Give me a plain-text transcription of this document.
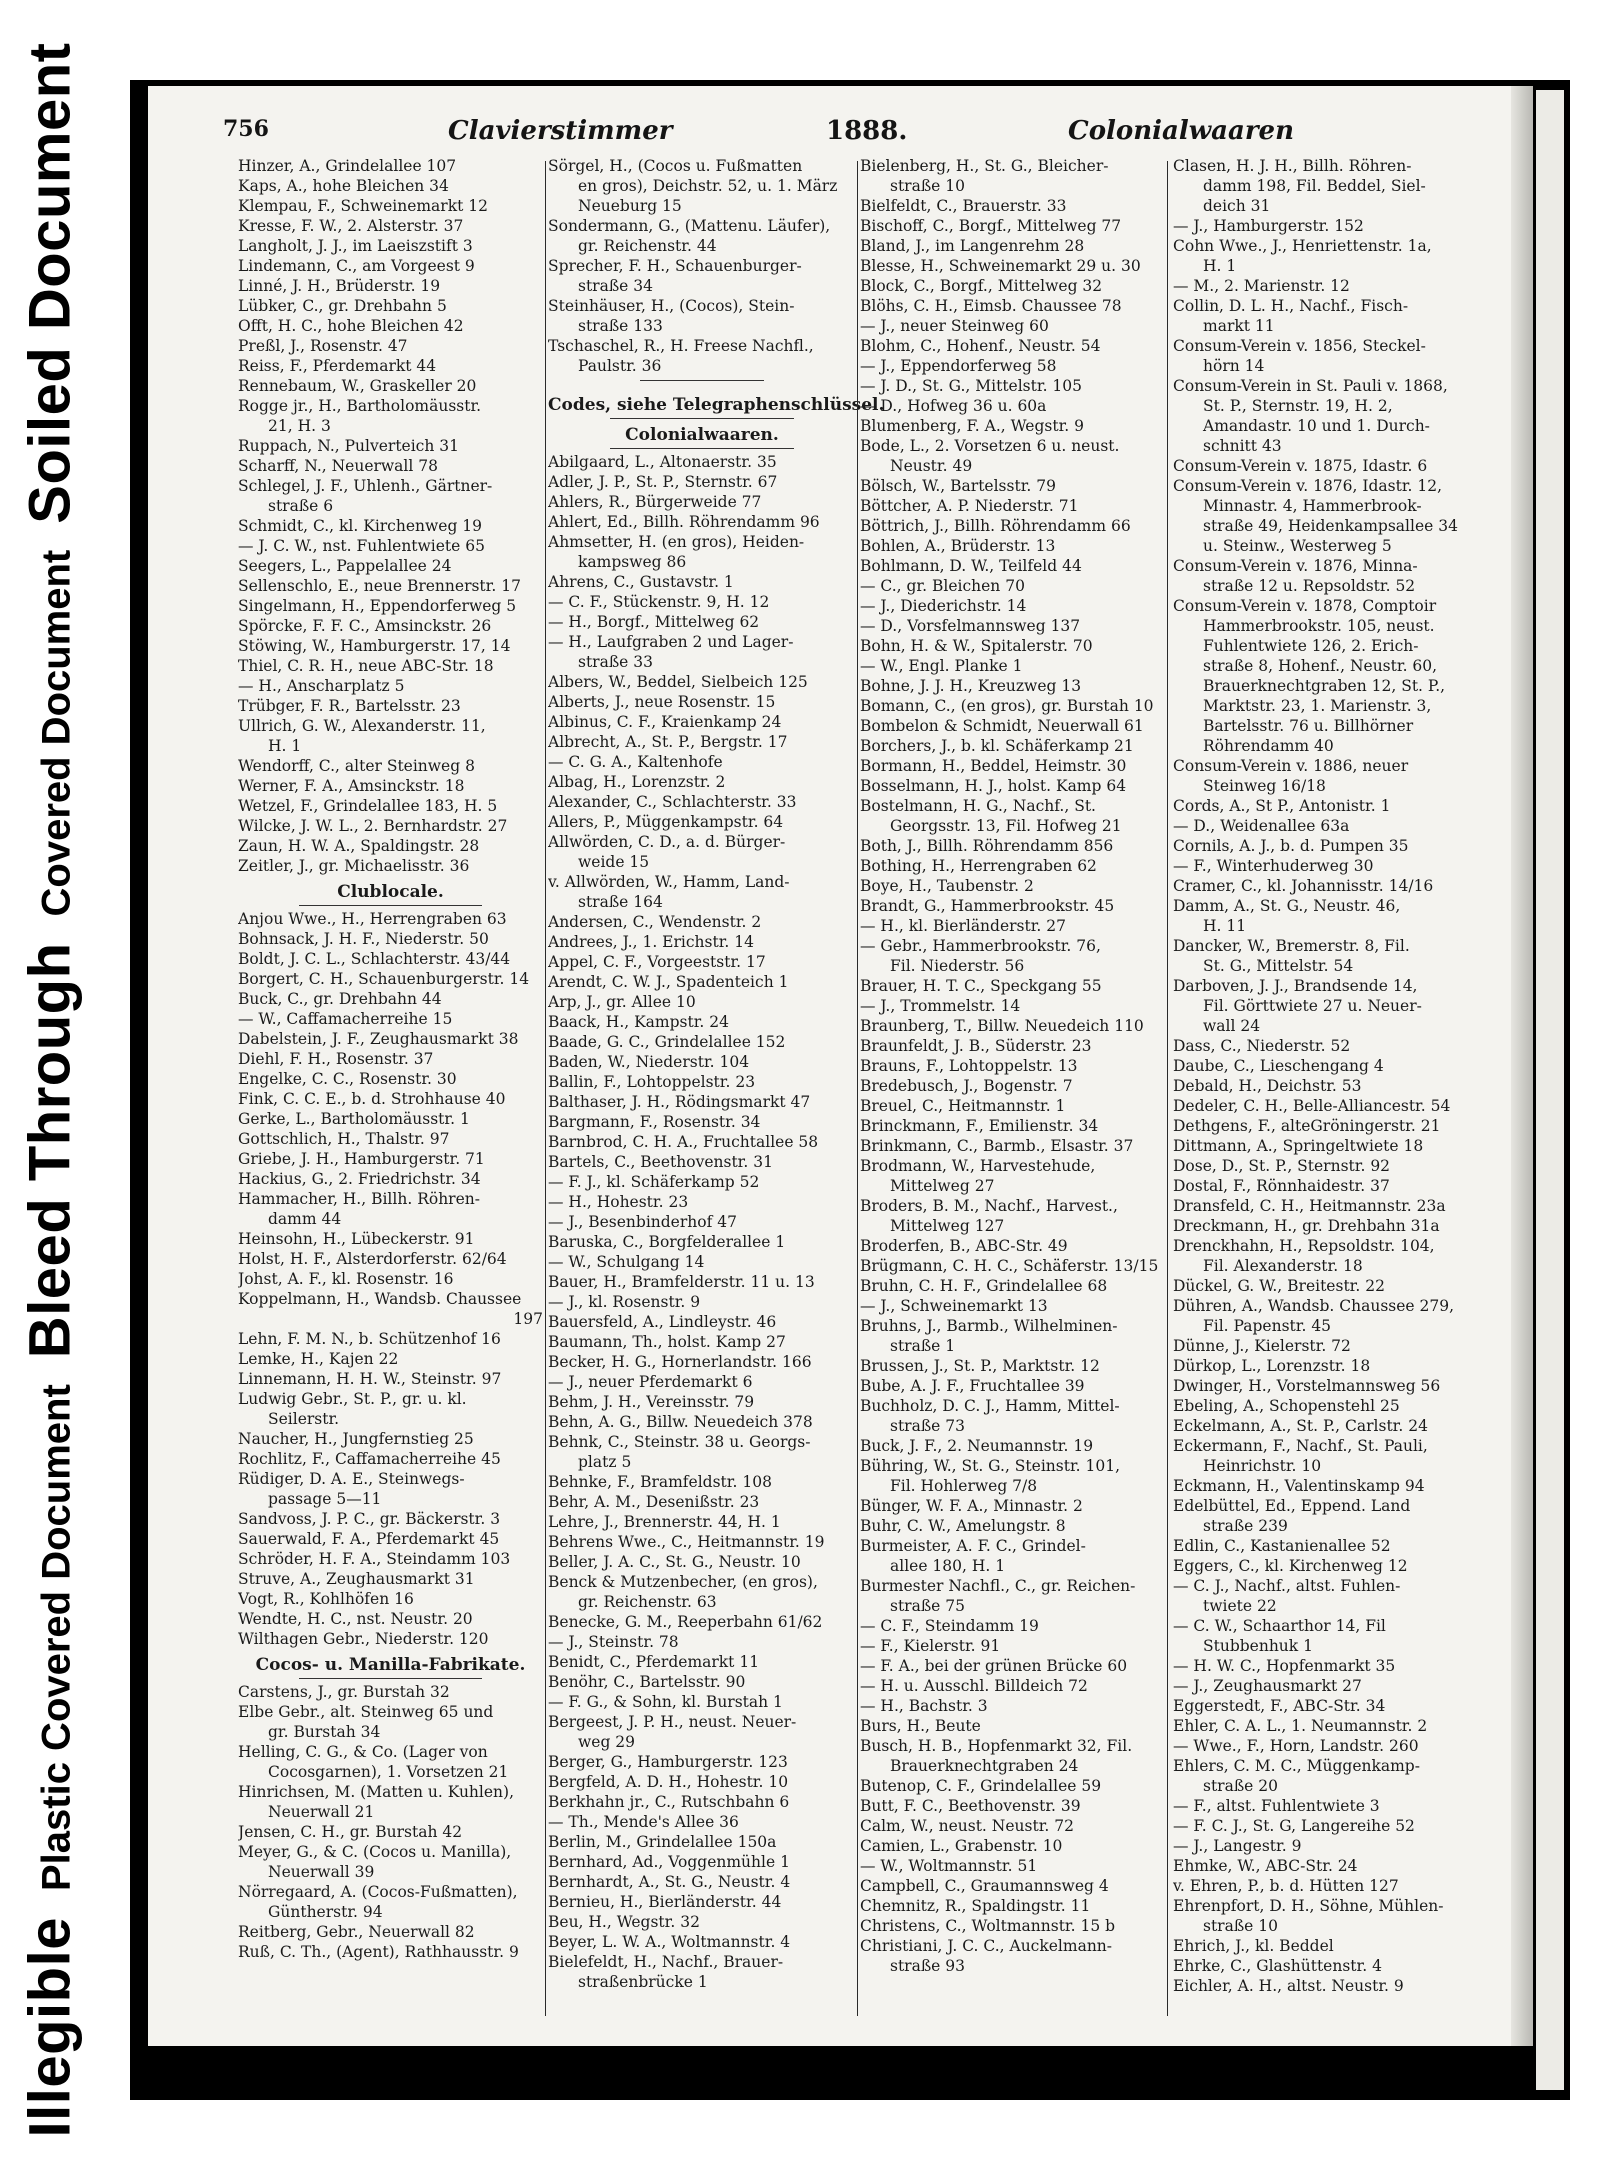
Illegible
Plastic Covered Document
Bleed Through
Covered Document
Soiled Document	756	Clavierstimmer	1888.	Colonialwaaren
Hinzer, A., Grindelallee 107
Kaps, A., hohe Bleichen 34
Klempau, F., Schweinemarkt 12
Kresse, F. W., 2. Alsterstr. 37
Langholt, J. J., im Laeiszstift 3
Lindemann, C., am Vorgeest 9
Linné, J. H., Brüderstr. 19
Lübker, C., gr. Drehbahn 5
Offt, H. C., hohe Bleichen 42
Preßl, J., Rosenstr. 47
Reiss, F., Pferdemarkt 44
Rennebaum, W., Graskeller 20
Rogge jr., H., Bartholomäusstr.
21, H. 3
Ruppach, N., Pulverteich 31
Scharff, N., Neuerwall 78
Schlegel, J. F., Uhlenh., Gärtner-
straße 6
Schmidt, C., kl. Kirchenweg 19
— J. C. W., nst. Fuhlentwiete 65
Seegers, L., Pappelallee 24
Sellenschlo, E., neue Brennerstr. 17
Singelmann, H., Eppendorferweg 5
Spörcke, F. F. C., Amsinckstr. 26
Stöwing, W., Hamburgerstr. 17, 14
Thiel, C. R. H., neue ABC-Str. 18
— H., Anscharplatz 5
Trübger, F. R., Bartelsstr. 23
Ullrich, G. W., Alexanderstr. 11,
H. 1
Wendorff, C., alter Steinweg 8
Werner, F. A., Amsinckstr. 18
Wetzel, F., Grindelallee 183, H. 5
Wilcke, J. W. L., 2. Bernhardstr. 27
Zaun, H. W. A., Spaldingstr. 28
Zeitler, J., gr. Michaelisstr. 36
Clublocale.
Anjou Wwe., H., Herrengraben 63
Bohnsack, J. H. F., Niederstr. 50
Boldt, J. C. L., Schlachterstr. 43/44
Borgert, C. H., Schauenburgerstr. 14
Buck, C., gr. Drehbahn 44
— W., Caffamacherreihe 15
Dabelstein, J. F., Zeughausmarkt 38
Diehl, F. H., Rosenstr. 37
Engelke, C. C., Rosenstr. 30
Fink, C. C. E., b. d. Strohhause 40
Gerke, L., Bartholomäusstr. 1
Gottschlich, H., Thalstr. 97
Griebe, J. H., Hamburgerstr. 71
Hackius, G., 2. Friedrichstr. 34
Hammacher, H., Billh. Röhren-
damm 44
Heinsohn, H., Lübeckerstr. 91
Holst, H. F., Alsterdorferstr. 62/64
Johst, A. F., kl. Rosenstr. 16
Koppelmann, H., Wandsb. Chaussee
197
Lehn, F. M. N., b. Schützenhof 16
Lemke, H., Kajen 22
Linnemann, H. H. W., Steinstr. 97
Ludwig Gebr., St. P., gr. u. kl.
Seilerstr.
Naucher, H., Jungfernstieg 25
Rochlitz, F., Caffamacherreihe 45
Rüdiger, D. A. E., Steinwegs-
passage 5—11
Sandvoss, J. P. C., gr. Bäckerstr. 3
Sauerwald, F. A., Pferdemarkt 45
Schröder, H. F. A., Steindamm 103
Struve, A., Zeughausmarkt 31
Vogt, R., Kohlhöfen 16
Wendte, H. C., nst. Neustr. 20
Wilthagen Gebr., Niederstr. 120
Cocos- u. Manilla-Fabrikate.
Carstens, J., gr. Burstah 32
Elbe Gebr., alt. Steinweg 65 und
gr. Burstah 34
Helling, C. G., & Co. (Lager von
Cocosgarnen), 1. Vorsetzen 21
Hinrichsen, M. (Matten u. Kuhlen),
Neuerwall 21
Jensen, C. H., gr. Burstah 42
Meyer, G., & C. (Cocos u. Manilla),
Neuerwall 39
Nörregaard, A. (Cocos-Fußmatten),
Güntherstr. 94
Reitberg, Gebr., Neuerwall 82
Ruß, C. Th., (Agent), Rathhausstr. 9
Sörgel, H., (Cocos u. Fußmatten
en gros), Deichstr. 52, u. 1. März
Neueburg 15
Sondermann, G., (Mattenu. Läufer),
gr. Reichenstr. 44
Sprecher, F. H., Schauenburger-
straße 34
Steinhäuser, H., (Cocos), Stein-
straße 133
Tschaschel, R., H. Freese Nachfl.,
Paulstr. 36
Codes, siehe Telegraphenschlüssel.
Colonialwaaren.
Abilgaard, L., Altonaerstr. 35
Adler, J. P., St. P., Sternstr. 67
Ahlers, R., Bürgerweide 77
Ahlert, Ed., Billh. Röhrendamm 96
Ahmsetter, H. (en gros), Heiden-
kampsweg 86
Ahrens, C., Gustavstr. 1
— C. F., Stückenstr. 9, H. 12
— H., Borgf., Mittelweg 62
— H., Laufgraben 2 und Lager-
straße 33
Albers, W., Beddel, Sielbeich 125
Alberts, J., neue Rosenstr. 15
Albinus, C. F., Kraienkamp 24
Albrecht, A., St. P., Bergstr. 17
— C. G. A., Kaltenhofe
Albag, H., Lorenzstr. 2
Alexander, C., Schlachterstr. 33
Allers, P., Müggenkampstr. 64
Allwörden, C. D., a. d. Bürger-
weide 15
v. Allwörden, W., Hamm, Land-
straße 164
Andersen, C., Wendenstr. 2
Andrees, J., 1. Erichstr. 14
Appel, C. F., Vorgeeststr. 17
Arendt, C. W. J., Spadenteich 1
Arp, J., gr. Allee 10
Baack, H., Kampstr. 24
Baade, G. C., Grindelallee 152
Baden, W., Niederstr. 104
Ballin, F., Lohtoppelstr. 23
Balthaser, J. H., Rödingsmarkt 47
Bargmann, F., Rosenstr. 34
Barnbrod, C. H. A., Fruchtallee 58
Bartels, C., Beethovenstr. 31
— F. J., kl. Schäferkamp 52
— H., Hohestr. 23
— J., Besenbinderhof 47
Baruska, C., Borgfelderallee 1
— W., Schulgang 14
Bauer, H., Bramfelderstr. 11 u. 13
— J., kl. Rosenstr. 9
Bauersfeld, A., Lindleystr. 46
Baumann, Th., holst. Kamp 27
Becker, H. G., Hornerlandstr. 166
— J., neuer Pferdemarkt 6
Behm, J. H., Vereinsstr. 79
Behn, A. G., Billw. Neuedeich 378
Behnk, C., Steinstr. 38 u. Georgs-
platz 5
Behnke, F., Bramfeldstr. 108
Behr, A. M., Desenißstr. 23
Lehre, J., Brennerstr. 44, H. 1
Behrens Wwe., C., Heitmannstr. 19
Beller, J. A. C., St. G., Neustr. 10
Benck & Mutzenbecher, (en gros),
gr. Reichenstr. 63
Benecke, G. M., Reeperbahn 61/62
— J., Steinstr. 78
Benidt, C., Pferdemarkt 11
Benöhr, C., Bartelsstr. 90
— F. G., & Sohn, kl. Burstah 1
Bergeest, J. P. H., neust. Neuer-
weg 29
Berger, G., Hamburgerstr. 123
Bergfeld, A. D. H., Hohestr. 10
Berkhahn jr., C., Rutschbahn 6
— Th., Mende's Allee 36
Berlin, M., Grindelallee 150a
Bernhard, Ad., Voggenmühle 1
Bernhardt, A., St. G., Neustr. 4
Bernieu, H., Bierländerstr. 44
Beu, H., Wegstr. 32
Beyer, L. W. A., Woltmannstr. 4
Bielefeldt, H., Nachf., Brauer-
straßenbrücke 1
Bielenberg, H., St. G., Bleicher-
straße 10
Bielfeldt, C., Brauerstr. 33
Bischoff, C., Borgf., Mittelweg 77
Bland, J., im Langenrehm 28
Blesse, H., Schweinemarkt 29 u. 30
Block, C., Borgf., Mittelweg 32
Blöhs, C. H., Eimsb. Chaussee 78
— J., neuer Steinweg 60
Blohm, C., Hohenf., Neustr. 54
— J., Eppendorferweg 58
— J. D., St. G., Mittelstr. 105
— D., Hofweg 36 u. 60a
Blumenberg, F. A., Wegstr. 9
Bode, L., 2. Vorsetzen 6 u. neust.
Neustr. 49
Bölsch, W., Bartelsstr. 79
Böttcher, A. P. Niederstr. 71
Böttrich, J., Billh. Röhrendamm 66
Bohlen, A., Brüderstr. 13
Bohlmann, D. W., Teilfeld 44
— C., gr. Bleichen 70
— J., Diederichstr. 14
— D., Vorsfelmannsweg 137
Bohn, H. & W., Spitalerstr. 70
— W., Engl. Planke 1
Bohne, J. J. H., Kreuzweg 13
Bomann, C., (en gros), gr. Burstah 10
Bombelon & Schmidt, Neuerwall 61
Borchers, J., b. kl. Schäferkamp 21
Bormann, H., Beddel, Heimstr. 30
Bosselmann, H. J., holst. Kamp 64
Bostelmann, H. G., Nachf., St.
Georgsstr. 13, Fil. Hofweg 21
Both, J., Billh. Röhrendamm 856
Bothing, H., Herrengraben 62
Boye, H., Taubenstr. 2
Brandt, G., Hammerbrookstr. 45
— H., kl. Bierländerstr. 27
— Gebr., Hammerbrookstr. 76,
Fil. Niederstr. 56
Brauer, H. T. C., Speckgang 55
— J., Trommelstr. 14
Braunberg, T., Billw. Neuedeich 110
Braunfeldt, J. B., Süderstr. 23
Brauns, F., Lohtoppelstr. 13
Bredebusch, J., Bogenstr. 7
Breuel, C., Heitmannstr. 1
Brinckmann, F., Emilienstr. 34
Brinkmann, C., Barmb., Elsastr. 37
Brodmann, W., Harvestehude,
Mittelweg 27
Broders, B. M., Nachf., Harvest.,
Mittelweg 127
Broderfen, B., ABC-Str. 49
Brügmann, C. H. C., Schäferstr. 13/15
Bruhn, C. H. F., Grindelallee 68
— J., Schweinemarkt 13
Bruhns, J., Barmb., Wilhelminen-
straße 1
Brussen, J., St. P., Marktstr. 12
Bube, A. J. F., Fruchtallee 39
Buchholz, D. C. J., Hamm, Mittel-
straße 73
Buck, J. F., 2. Neumannstr. 19
Bühring, W., St. G., Steinstr. 101,
Fil. Hohlerweg 7/8
Bünger, W. F. A., Minnastr. 2
Buhr, C. W., Amelungstr. 8
Burmeister, A. F. C., Grindel-
allee 180, H. 1
Burmester Nachfl., C., gr. Reichen-
straße 75
— C. F., Steindamm 19
— F., Kielerstr. 91
— F. A., bei der grünen Brücke 60
— H. u. Ausschl. Billdeich 72
— H., Bachstr. 3
Burs, H., Beute
Busch, H. B., Hopfenmarkt 32, Fil.
Brauerknechtgraben 24
Butenop, C. F., Grindelallee 59
Butt, F. C., Beethovenstr. 39
Calm, W., neust. Neustr. 72
Camien, L., Grabenstr. 10
— W., Woltmannstr. 51
Campbell, C., Graumannsweg 4
Chemnitz, R., Spaldingstr. 11
Christens, C., Woltmannstr. 15 b
Christiani, J. C. C., Auckelmann-
straße 93
Clasen, H. J. H., Billh. Röhren-
damm 198, Fil. Beddel, Siel-
deich 31
— J., Hamburgerstr. 152
Cohn Wwe., J., Henriettenstr. 1a,
H. 1
— M., 2. Marienstr. 12
Collin, D. L. H., Nachf., Fisch-
markt 11
Consum-Verein v. 1856, Steckel-
hörn 14
Consum-Verein in St. Pauli v. 1868,
St. P., Sternstr. 19, H. 2,
Amandastr. 10 und 1. Durch-
schnitt 43
Consum-Verein v. 1875, Idastr. 6
Consum-Verein v. 1876, Idastr. 12,
Minnastr. 4, Hammerbrook-
straße 49, Heidenkampsallee 34
u. Steinw., Westerweg 5
Consum-Verein v. 1876, Minna-
straße 12 u. Repsoldstr. 52
Consum-Verein v. 1878, Comptoir
Hammerbrookstr. 105, neust.
Fuhlentwiete 126, 2. Erich-
straße 8, Hohenf., Neustr. 60,
Brauerknechtgraben 12, St. P.,
Marktstr. 23, 1. Marienstr. 3,
Bartelsstr. 76 u. Billhörner
Röhrendamm 40
Consum-Verein v. 1886, neuer
Steinweg 16/18
Cords, A., St P., Antonistr. 1
— D., Weidenallee 63a
Cornils, A. J., b. d. Pumpen 35
— F., Winterhuderweg 30
Cramer, C., kl. Johannisstr. 14/16
Damm, A., St. G., Neustr. 46,
H. 11
Dancker, W., Bremerstr. 8, Fil.
St. G., Mittelstr. 54
Darboven, J. J., Brandsende 14,
Fil. Görttwiete 27 u. Neuer-
wall 24
Dass, C., Niederstr. 52
Daube, C., Lieschengang 4
Debald, H., Deichstr. 53
Dedeler, C. H., Belle-Alliancestr. 54
Dethgens, F., alteGröningerstr. 21
Dittmann, A., Springeltwiete 18
Dose, D., St. P., Sternstr. 92
Dostal, F., Rönnhaidestr. 37
Dransfeld, C. H., Heitmannstr. 23a
Dreckmann, H., gr. Drehbahn 31a
Drenckhahn, H., Repsoldstr. 104,
Fil. Alexanderstr. 18
Dückel, G. W., Breitestr. 22
Dühren, A., Wandsb. Chaussee 279,
Fil. Papenstr. 45
Dünne, J., Kielerstr. 72
Dürkop, L., Lorenzstr. 18
Dwinger, H., Vorstelmannsweg 56
Ebeling, A., Schopenstehl 25
Eckelmann, A., St. P., Carlstr. 24
Eckermann, F., Nachf., St. Pauli,
Heinrichstr. 10
Eckmann, H., Valentinskamp 94
Edelbüttel, Ed., Eppend. Land
straße 239
Edlin, C., Kastanienallee 52
Eggers, C., kl. Kirchenweg 12
— C. J., Nachf., altst. Fuhlen-
twiete 22
— C. W., Schaarthor 14, Fil
Stubbenhuk 1
— H. W. C., Hopfenmarkt 35
— J., Zeughausmarkt 27
Eggerstedt, F., ABC-Str. 34
Ehler, C. A. L., 1. Neumannstr. 2
— Wwe., F., Horn, Landstr. 260
Ehlers, C. M. C., Müggenkamp-
straße 20
— F., altst. Fuhlentwiete 3
— F. C. J., St. G, Langereihe 52
— J., Langestr. 9
Ehmke, W., ABC-Str. 24
v. Ehren, P., b. d. Hütten 127
Ehrenpfort, D. H., Söhne, Mühlen-
straße 10
Ehrich, J., kl. Beddel
Ehrke, C., Glashüttenstr. 4
Eichler, A. H., altst. Neustr. 9
